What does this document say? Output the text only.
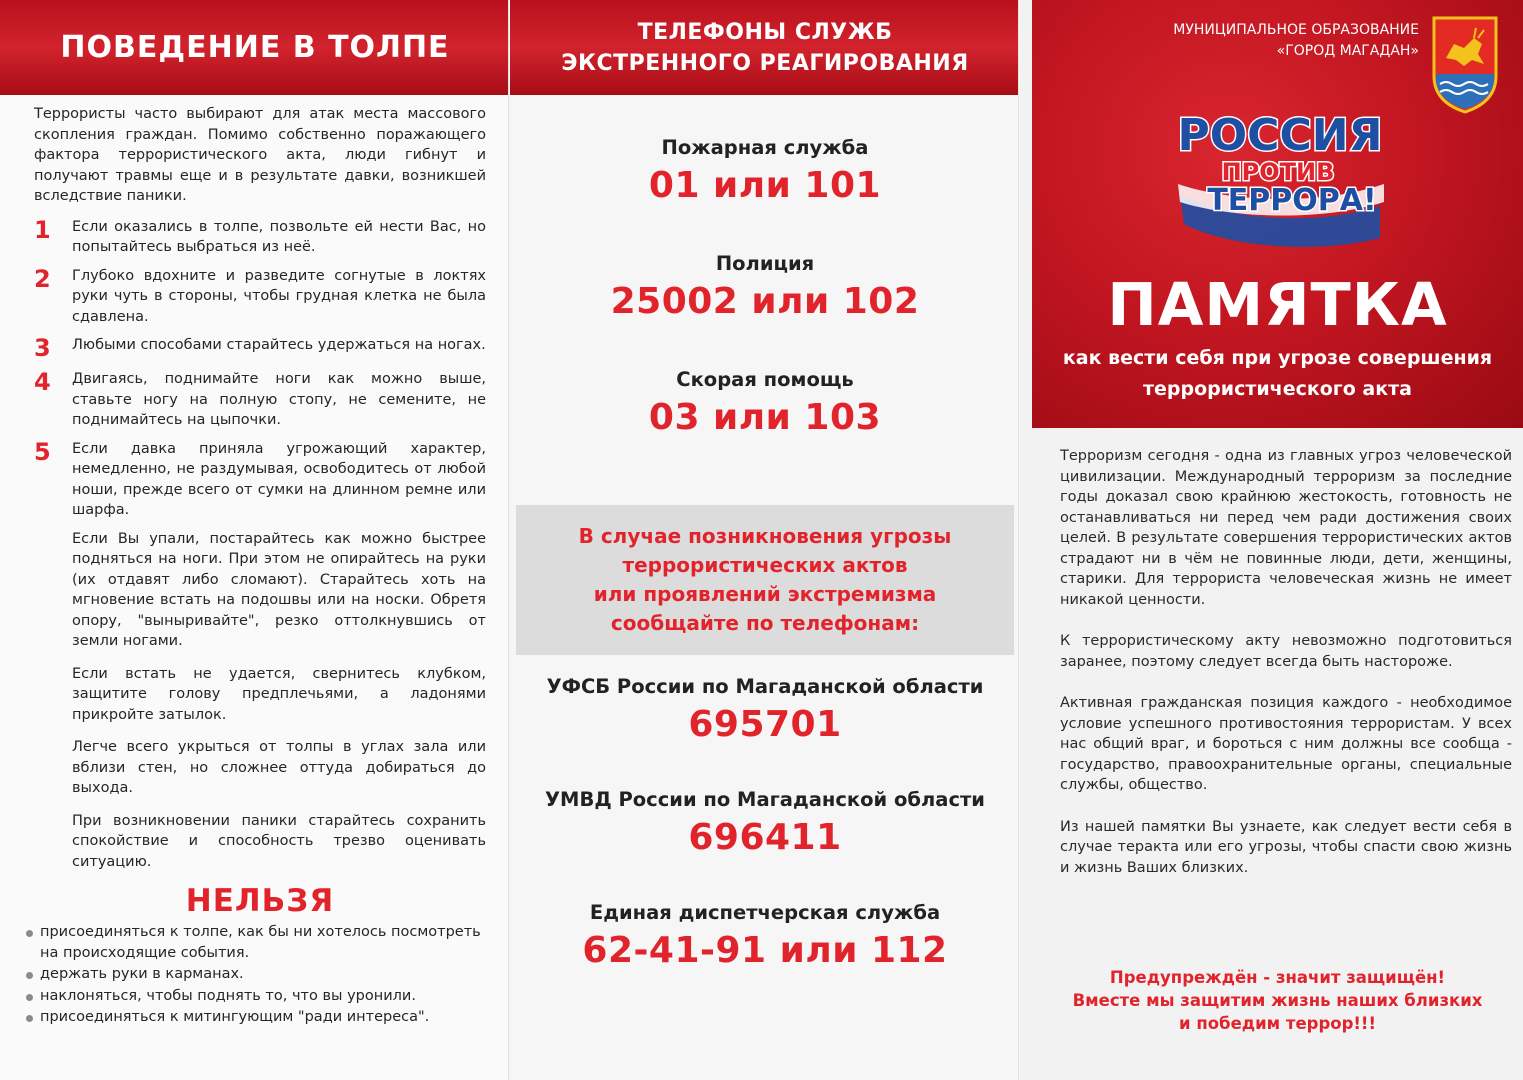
ПОВЕДЕНИЕ В ТОЛПЕ

Террористы часто выбирают для атак места массового скопления граждан. Помимо собственно поражающего фактора террористического акта, люди гибнут и получают травмы еще и в результате давки, возникшей вследствие паники.

1	Если оказались в толпе, позвольте ей нести Вас, но попытайтесь выбраться из неё.
2	Глубоко вдохните и разведите согнутые в локтях руки чуть в стороны, чтобы грудная клетка не была сдавлена.
3	Любыми способами старайтесь удержаться на ногах.
4	Двигаясь, поднимайте ноги как можно выше, ставьте ногу на полную стопу, не семените, не поднимайтесь на цыпочки.
5	Если давка приняла угрожающий характер, немедленно, не раздумывая, освободитесь от любой ноши, прежде всего от сумки на длинном ремне или шарфа.

Если Вы упали, постарайтесь как можно быстрее подняться на ноги. При этом не опирайтесь на руки (их отдавят либо сломают). Старайтесь хоть на мгновение встать на подошвы или на носки. Обретя опору, "выныривайте", резко оттолкнувшись от земли ногами.

Если встать не удается, свернитесь клубком, защитите голову предплечьями, а ладонями прикройте затылок.

Легче всего укрыться от толпы в углах зала или вблизи стен, но сложнее оттуда добираться до выхода.

При возникновении паники старайтесь сохранить спокойствие и способность трезво оценивать ситуацию.

НЕЛЬЗЯ
присоединяться к толпе, как бы ни хотелось посмотреть на происходящие события.
держать руки в карманах.
наклоняться, чтобы поднять то, что вы уронили.
присоединяться к митингующим "ради интереса".
ТЕЛЕФОНЫ СЛУЖБ
ЭКСТРЕННОГО РЕАГИРОВАНИЯ
Пожарная служба
01 или 101
Полиция
25002 или 102
Скорая помощь
03 или 103
В случае позникновения угрозы
террористических актов
или проявлений экстремизма
сообщайте по телефонам:
УФСБ России по Магаданской области
695701
УМВД России по Магаданской области
696411
Единая диспетчерская служба
62-41-91 или 112
МУНИЦИПАЛЬНОЕ ОБРАЗОВАНИЕ
«ГОРОД МАГАДАН»
РОССИЯ
ПРОТИВ
ТЕРРОРА!
ПАМЯТКА
как вести себя при угрозе совершения
террористического акта

Терроризм сегодня - одна из главных угроз человеческой цивилизации. Международный терроризм за последние годы доказал свою крайнюю жестокость, готовность не останавливаться ни перед чем ради достижения своих целей. В результате совершения террористических актов страдают ни в чём не повинные люди, дети, женщины, старики. Для террориста человеческая жизнь не имеет никакой ценности.

К террористическому акту невозможно подготовиться заранее, поэтому следует всегда быть настороже.

Активная гражданская позиция каждого - необходимое условие успешного противостояния террористам. У всех нас общий враг, и бороться с ним должны все сообща - государство, правоохранительные органы, специальные службы, общество.

Из нашей памятки Вы узнаете, как следует вести себя в случае теракта или его угрозы, чтобы спасти свою жизнь и жизнь Ваших близких.

Предупреждён - значит защищён!
Вместе мы защитим жизнь наших близких
и победим террор!!!
